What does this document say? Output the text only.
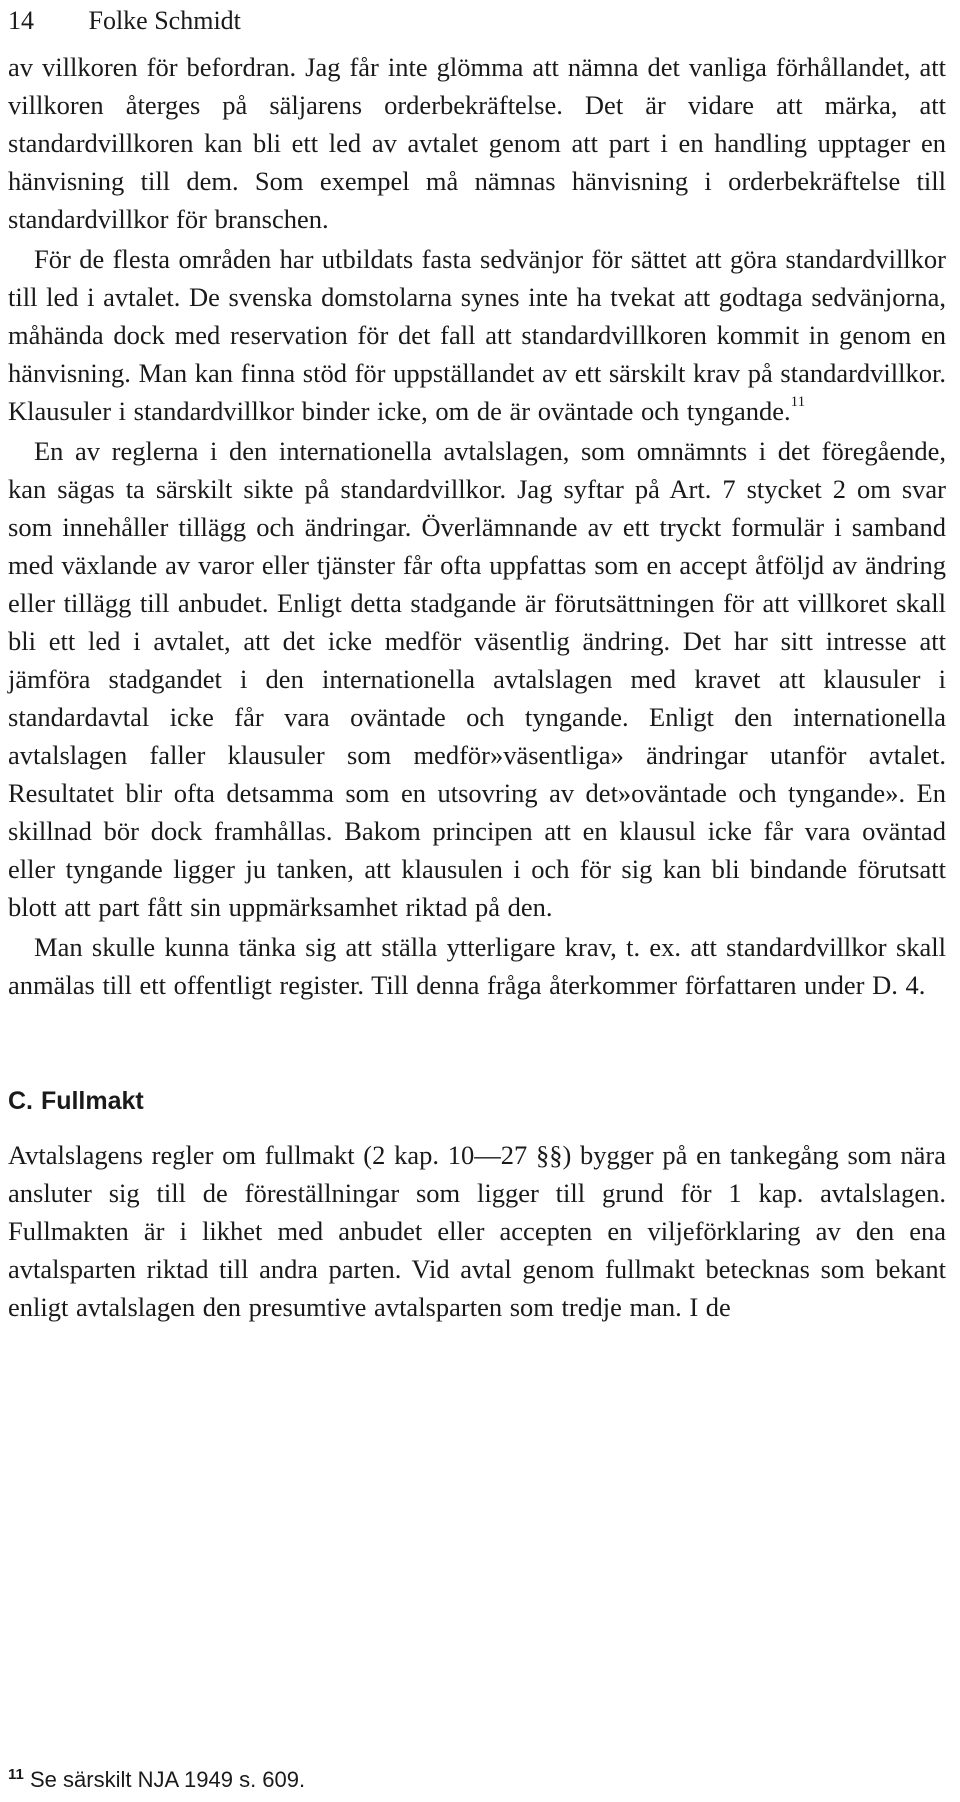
14 Folke Schmidt

av villkoren för befordran. Jag får inte glömma att nämna det vanliga förhållandet, att villkoren återges på säljarens orderbekräftelse. Det är vidare att märka, att standardvillkoren kan bli ett led av avtalet genom att part i en handling upptager en hänvisning till dem. Som exempel må nämnas hänvisning i orderbekräftelse till standardvillkor för branschen.

För de flesta områden har utbildats fasta sedvänjor för sättet att göra standardvillkor till led i avtalet. De svenska domstolarna synes inte ha tvekat att godtaga sedvänjorna, måhända dock med reservation för det fall att standardvillkoren kommit in genom en hänvisning. Man kan finna stöd för uppställandet av ett särskilt krav på standardvillkor. Klausuler i standardvillkor binder icke, om de är oväntade och tyngande.$^{11}$

En av reglerna i den internationella avtalslagen, som omnämnts i det föregående, kan sägas ta särskilt sikte på standardvillkor. Jag syftar på Art. 7 stycket 2 om svar som innehåller tillägg och ändringar. Överlämnande av ett tryckt formulär i samband med växlande av varor eller tjänster får ofta uppfattas som en accept åtföljd av ändring eller tillägg till anbudet. Enligt detta stadgande är förutsättningen för att villkoret skall bli ett led i avtalet, att det icke medför väsentlig ändring. Det har sitt intresse att jämföra stadgandet i den internationella avtalslagen med kravet att klausuler i standardavtal icke får vara oväntade och tyngande. Enligt den internationella avtalslagen faller klausuler som medför»väsentliga» ändringar utanför avtalet. Resultatet blir ofta detsamma som en utsovring av det»oväntade och tyngande». En skillnad bör dock framhållas. Bakom principen att en klausul icke får vara oväntad eller tyngande ligger ju tanken, att klausulen i och för sig kan bli bindande förutsatt blott att part fått sin uppmärksamhet riktad på den.

Man skulle kunna tänka sig att ställa ytterligare krav, t. ex. att standardvillkor skall anmälas till ett offentligt register. Till denna fråga återkommer författaren under D. 4.

C. Fullmakt

Avtalslagens regler om fullmakt (2 kap. 10—27 §§) bygger på en tankegång som nära ansluter sig till de föreställningar som ligger till grund för 1 kap. avtalslagen. Fullmakten är i likhet med anbudet eller accepten en viljeförklaring av den ena avtalsparten riktad till andra parten. Vid avtal genom fullmakt betecknas som bekant enligt avtalslagen den presumtive avtalsparten som tredje man. I de

$^{11}$ Se särskilt NJA 1949 s. 609.
